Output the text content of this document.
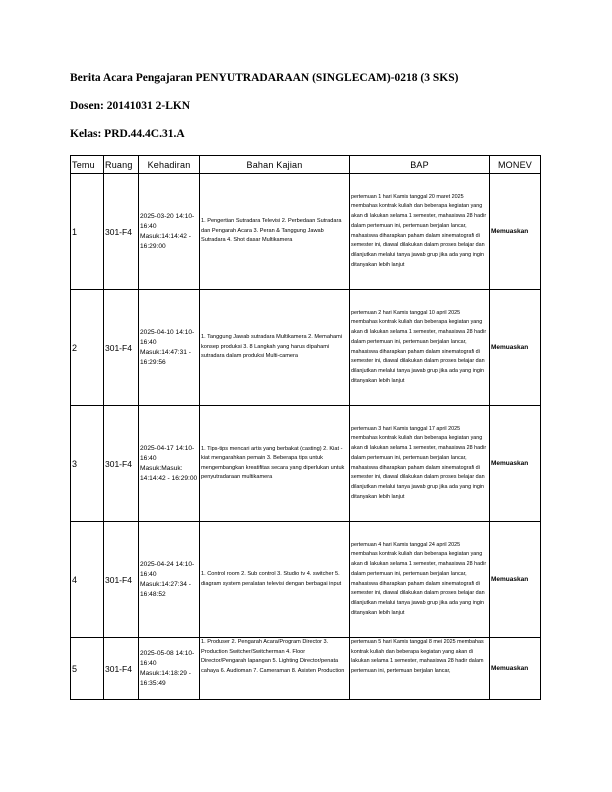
Berita Acara Pengajaran PENYUTRADARAAN (SINGLECAM)-0218 (3 SKS)
Dosen: 20141031 2-LKN
Kelas: PRD.44.4C.31.A
Temu	Ruang	Kehadiran	Bahan Kajian	BAP	MONEV
1	301-F4	2025-03-20 14:10-16:40 Masuk:14:14:42 - 16:29:00	1. Pengertian Sutradara Televisi 2. Perbedaan Sutradara dan Pengarah Acara 3. Peran & Tanggung Jawab Sutradara 4. Shot dasar Multikamera	pertemuan 1 hari Kamis tanggal 20 maret 2025 membahas kontrak kuliah dan beberapa kegiatan yang akan di lakukan selama 1 semester, mahasiswa 28 hadir dalam pertemuan ini, pertemuan berjalan lancar, mahasiswa diharapkan paham dalam sinematografi di semester ini, diawal dilakukan dalam proses belajar dan dilanjutkan melalui tanya jawab grup jika ada yang ingin ditanyakan lebih lanjut	Memuaskan
2	301-F4	2025-04-10 14:10-16:40 Masuk:14:47:31 - 16:29:56	1. Tanggung Jawab sutradara Multikamera 2. Memahami konsep produksi 3. 8 Langkah yang harus dipahami sutradara dalam produksi Multi-camera	pertemuan 2 hari Kamis tanggal 10 april 2025 membahas kontrak kuliah dan beberapa kegiatan yang akan di lakukan selama 1 semester, mahasiswa 28 hadir dalam pertemuan ini, pertemuan berjalan lancar, mahasiswa diharapkan paham dalam sinematografi di semester ini, diawal dilakukan dalam proses belajar dan dilanjutkan melalui tanya jawab grup jika ada yang ingin ditanyakan lebih lanjut	Memuaskan
3	301-F4	2025-04-17 14:10-16:40 Masuk:Masuk: 14:14:42 - 16:29:00	1. Tips-tips mencari artis yang berbakat (casting) 2. Kiat - kiat mengarahkan pemain 3. Beberapa tips untuk mengembangkan kreatifitas secara yang diperlukan untuk penyutradaraan multikamera	pertemuan 3 hari Kamis tanggal 17 april 2025 membahas kontrak kuliah dan beberapa kegiatan yang akan di lakukan selama 1 semester, mahasiswa 28 hadir dalam pertemuan ini, pertemuan berjalan lancar, mahasiswa diharapkan paham dalam sinematografi di semester ini, diawal dilakukan dalam proses belajar dan dilanjutkan melalui tanya jawab grup jika ada yang ingin ditanyakan lebih lanjut	Memuaskan
4	301-F4	2025-04-24 14:10-16:40 Masuk:14:27:34 - 16:48:52	1. Control room 2. Sub control 3. Studio tv 4. switcher 5. diagram system peralatan televisi dengan berbagai input	pertemuan 4 hari Kamis tanggal 24 april 2025 membahas kontrak kuliah dan beberapa kegiatan yang akan di lakukan selama 1 semester, mahasiswa 28 hadir dalam pertemuan ini, pertemuan berjalan lancar, mahasiswa diharapkan paham dalam sinematografi di semester ini, diawal dilakukan dalam proses belajar dan dilanjutkan melalui tanya jawab grup jika ada yang ingin ditanyakan lebih lanjut	Memuaskan
5	301-F4	2025-05-08 14:10-16:40 Masuk:14:18:29 - 16:35:49	1. Produser 2. Pengarah Acara/Program Director 3. Production Switcher/Switcherman 4. Floor Director/Pengarah lapangan 5. Lighting Director/penata cahaya 6. Audioman 7. Cameraman 8. Asisten Production	pertemuan 5 hari Kamis tanggal 8 mei 2025 membahas kontrak kuliah dan beberapa kegiatan yang akan di lakukan selama 1 semester, mahasiswa 28 hadir dalam pertemuan ini, pertemuan berjalan lancar,	Memuaskan
